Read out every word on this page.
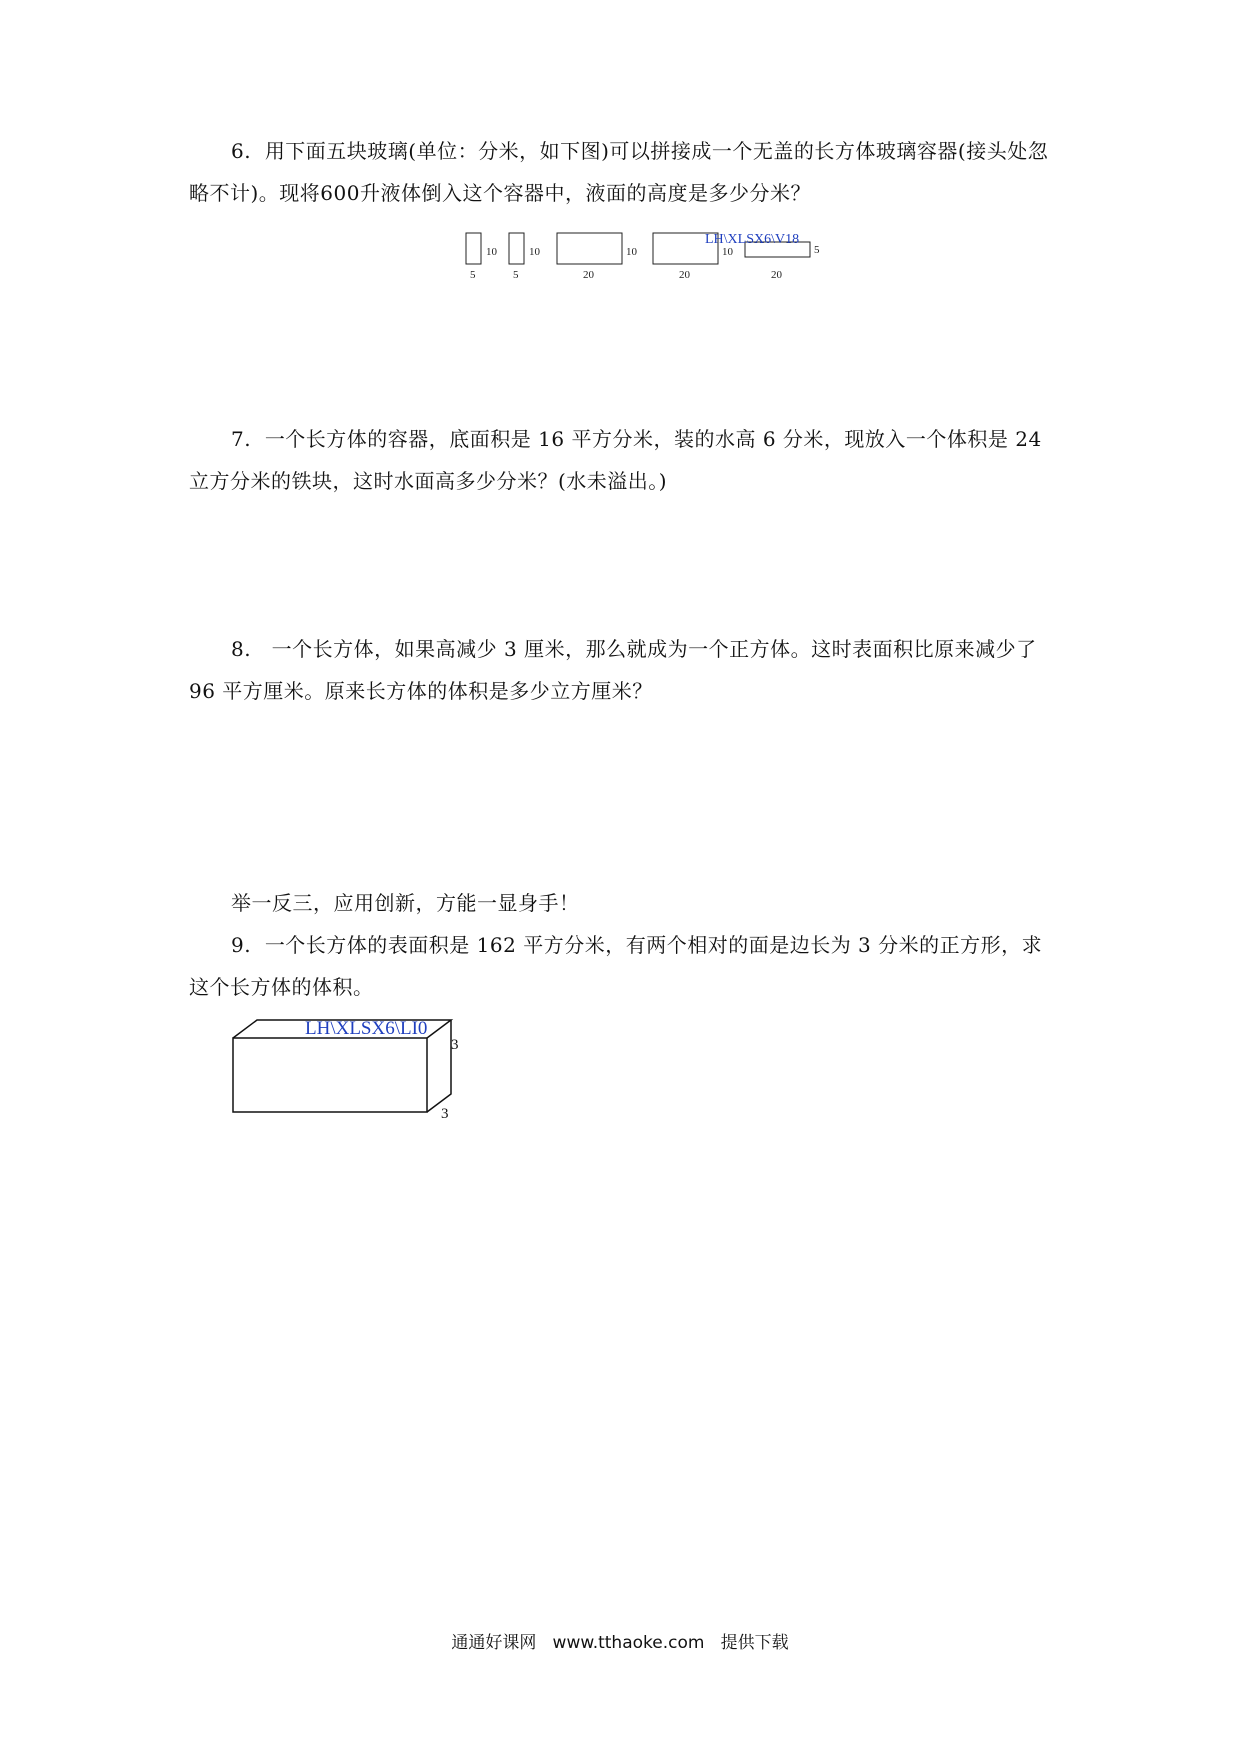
6. 用下面五块玻璃(单位：分米，如下图)可以拼接成一个无盖的长方体玻璃容器(接头处忽略不计)。现将600升液体倒入这个容器中，液面的高度是多少分米？
10
5
10
5
10
20
10
20
5
20
LH\XLSX6\V18
7. 一个长方体的容器，底面积是 16 平方分米，装的水高 6 分米，现放入一个体积是 24 立方分米的铁块，这时水面高多少分米？(水未溢出。)
8. 一个长方体，如果高减少 3 厘米，那么就成为一个正方体。这时表面积比原来减少了 96 平方厘米。原来长方体的体积是多少立方厘米？
举一反三，应用创新，方能一显身手！
9. 一个长方体的表面积是 162 平方分米，有两个相对的面是边长为 3 分米的正方形，求这个长方体的体积。
3
3
LH\XLSX6\LI0
通通好课网 www.tthaoke.com 提供下载
